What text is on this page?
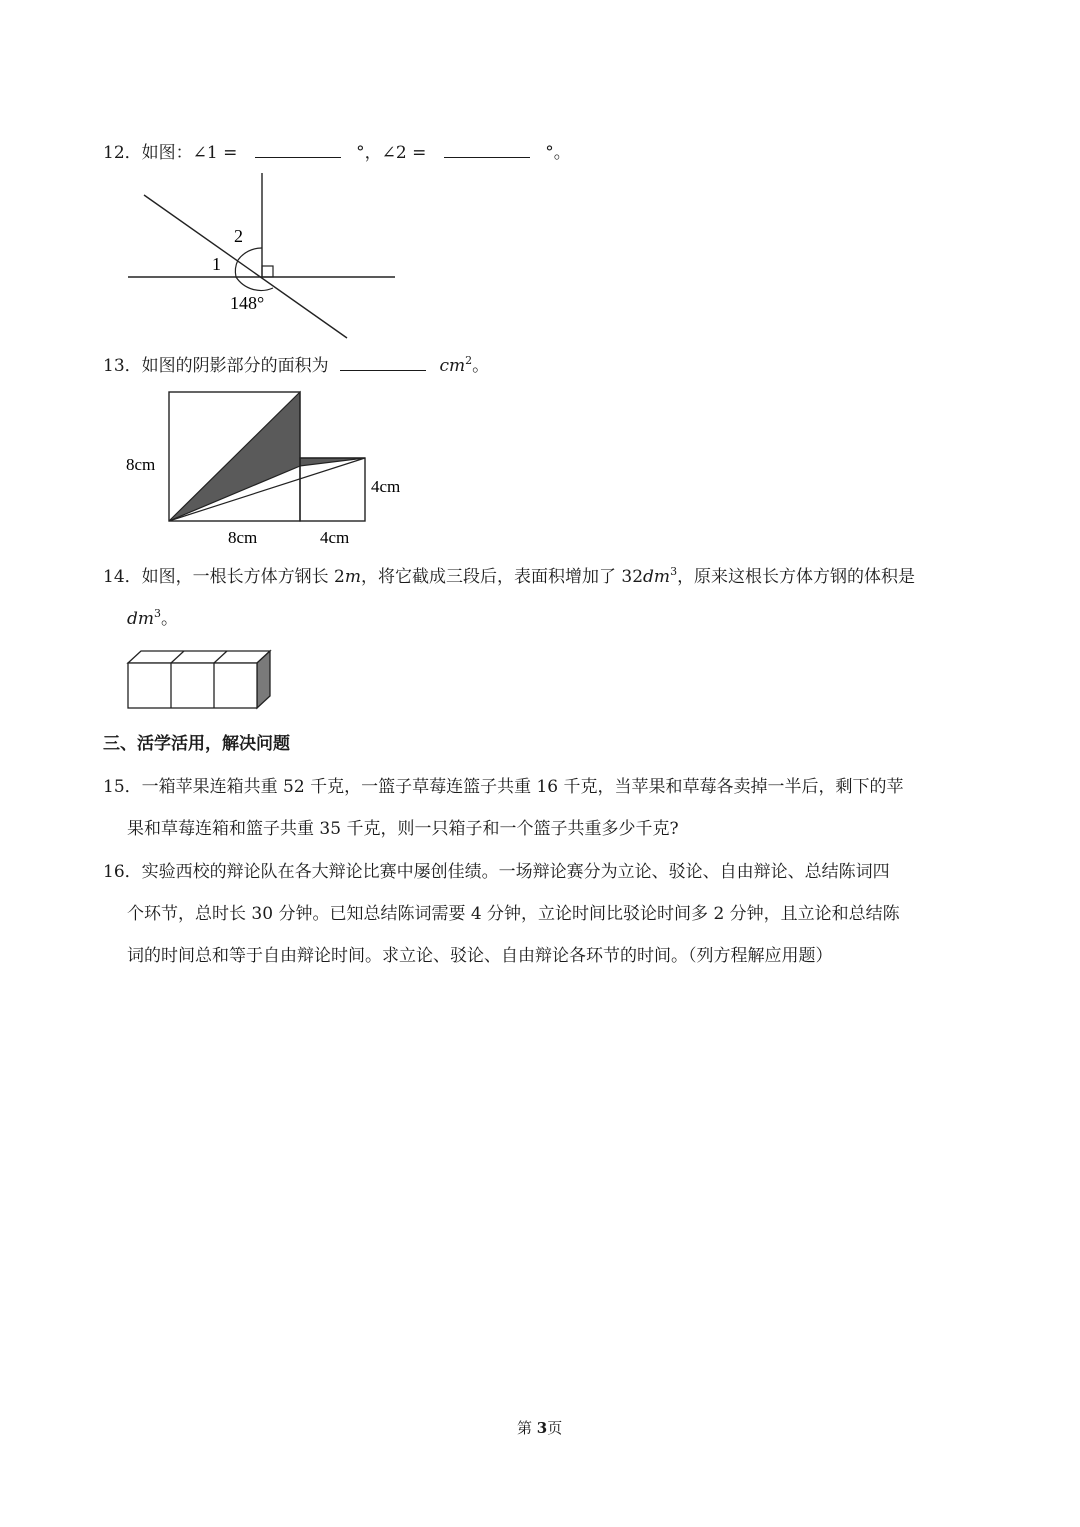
12．如图：∠1 =	°，∠2 =	°。
1
2
148°
13．如图的阴影部分的面积为	$cm^2$。
8cm
4cm
8cm	4cm
14．如图，一根长方体方钢长 2m，将它截成三段后，表面积增加了 $32dm^3$，原来这根长方体方钢的体积是
$dm^3$。
三、活学活用，解决问题
15．一箱苹果连箱共重 52 千克，一篮子草莓连篮子共重 16 千克，当苹果和草莓各卖掉一半后，剩下的苹
果和草莓连箱和篮子共重 35 千克，则一只箱子和一个篮子共重多少千克?
16．实验西校的辩论队在各大辩论比赛中屡创佳绩。一场辩论赛分为立论、驳论、自由辩论、总结陈词四
个环节，总时长 30 分钟。已知总结陈词需要 4 分钟，立论时间比驳论时间多 2 分钟，且立论和总结陈
词的时间总和等于自由辩论时间。求立论、驳论、自由辩论各环节的时间。（列方程解应用题）
第 3页
